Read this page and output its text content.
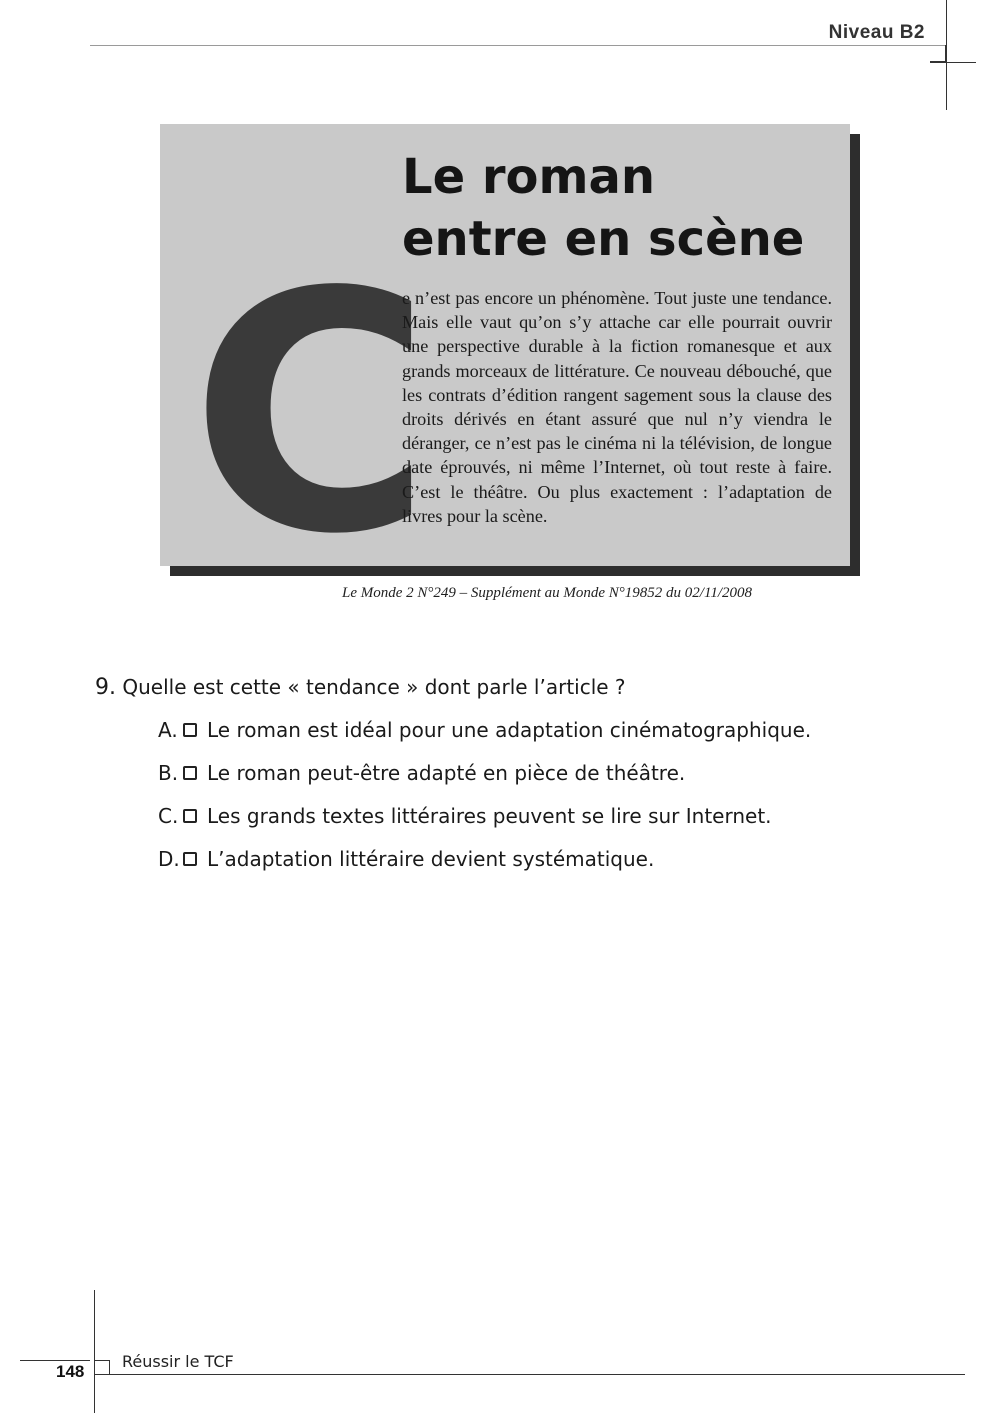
Niveau B2
Le roman
entre en scène
C

e n’est pas encore un phénomène. Tout juste une tendance. Mais elle vaut qu’on s’y attache car elle pourrait ouvrir une perspective durable à la fiction romanesque et aux grands morceaux de littérature. Ce nouveau débouché, que les contrats d’édition rangent sagement sous la clause des droits dérivés en étant assuré que nul n’y viendra le déranger, ce n’est pas le cinéma ni la télévision, de longue date éprouvés, ni même l’Internet, où tout reste à faire. C’est le théâtre. Ou plus exactement : l’adaptation de livres pour la scène.

Le Monde 2 N°249 – Supplément au Monde N°19852 du 02/11/2008
9. Quelle est cette « tendance » dont parle l’article ?
A. Le roman est idéal pour une adaptation cinématographique.
B. Le roman peut-être adapté en pièce de théâtre.
C. Les grands textes littéraires peuvent se lire sur Internet.
D. L’adaptation littéraire devient systématique.
148
Réussir le TCF
